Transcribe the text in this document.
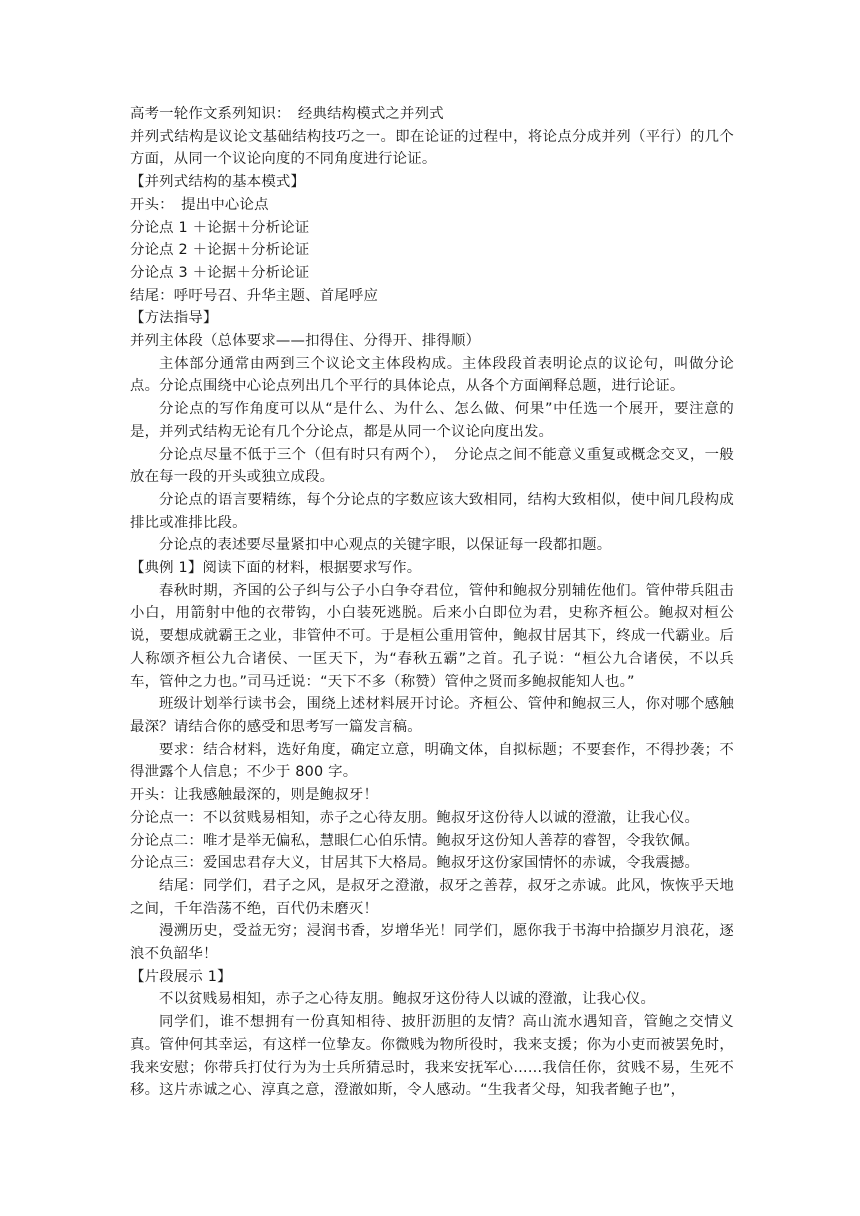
高考一轮作文系列知识：　经典结构模式之并列式

并列式结构是议论文基础结构技巧之一。即在论证的过程中，将论点分成并列（平行）的几个方面，从同一个议论向度的不同角度进行论证。

【并列式结构的基本模式】

开头：　提出中心论点

分论点 1 ＋论据＋分析论证

分论点 2 ＋论据＋分析论证

分论点 3 ＋论据＋分析论证

结尾：呼吁号召、升华主题、首尾呼应

【方法指导】

并列主体段（总体要求——扣得住、分得开、排得顺）

主体部分通常由两到三个议论文主体段构成。主体段段首表明论点的议论句，叫做分论点。分论点围绕中心论点列出几个平行的具体论点，从各个方面阐释总题，进行论证。

分论点的写作角度可以从“是什么、为什么、怎么做、何果”中任选一个展开，要注意的是，并列式结构无论有几个分论点，都是从同一个议论向度出发。

分论点尽量不低于三个（但有时只有两个），　分论点之间不能意义重复或概念交叉，一般放在每一段的开头或独立成段。

分论点的语言要精练，每个分论点的字数应该大致相同，结构大致相似，使中间几段构成排比或准排比段。

分论点的表述要尽量紧扣中心观点的关键字眼，以保证每一段都扣题。

【典例 1】阅读下面的材料，根据要求写作。

春秋时期，齐国的公子纠与公子小白争夺君位，管仲和鲍叔分别辅佐他们。管仲带兵阻击小白，用箭射中他的衣带钩，小白装死逃脱。后来小白即位为君，史称齐桓公。鲍叔对桓公说，要想成就霸王之业，非管仲不可。于是桓公重用管仲，鲍叔甘居其下，终成一代霸业。后人称颂齐桓公九合诸侯、一匡天下，为“春秋五霸”之首。孔子说：“桓公九合诸侯，不以兵车，管仲之力也。”司马迁说：“天下不多（称赞）管仲之贤而多鲍叔能知人也。”

班级计划举行读书会，围绕上述材料展开讨论。齐桓公、管仲和鲍叔三人，你对哪个感触最深？请结合你的感受和思考写一篇发言稿。

要求：结合材料，选好角度，确定立意，明确文体，自拟标题；不要套作，不得抄袭；不得泄露个人信息；不少于 800 字。

开头：让我感触最深的，则是鲍叔牙！

分论点一：不以贫贱易相知，赤子之心待友朋。鲍叔牙这份待人以诚的澄澈，让我心仪。

分论点二：唯才是举无偏私，慧眼仁心伯乐情。鲍叔牙这份知人善荐的睿智，令我钦佩。

分论点三：爱国忠君存大义，甘居其下大格局。鲍叔牙这份家国情怀的赤诚，令我震撼。

结尾：同学们，君子之风，是叔牙之澄澈，叔牙之善荐，叔牙之赤诚。此风，恢恢乎天地之间，千年浩荡不绝，百代仍未磨灭！

漫溯历史，受益无穷；浸润书香，岁增华光！同学们，愿你我于书海中拾撷岁月浪花，逐浪不负韶华！

【片段展示 1】

不以贫贱易相知，赤子之心待友朋。鲍叔牙这份待人以诚的澄澈，让我心仪。

同学们，谁不想拥有一份真知相待、披肝沥胆的友情？高山流水遇知音，管鲍之交情义真。管仲何其幸运，有这样一位挚友。你微贱为物所役时，我来支援；你为小吏而被罢免时，我来安慰；你带兵打仗行为为士兵所猜忌时，我来安抚军心……我信任你，贫贱不易，生死不移。这片赤诚之心、淳真之意，澄澈如斯，令人感动。“生我者父母，知我者鲍子也”，
